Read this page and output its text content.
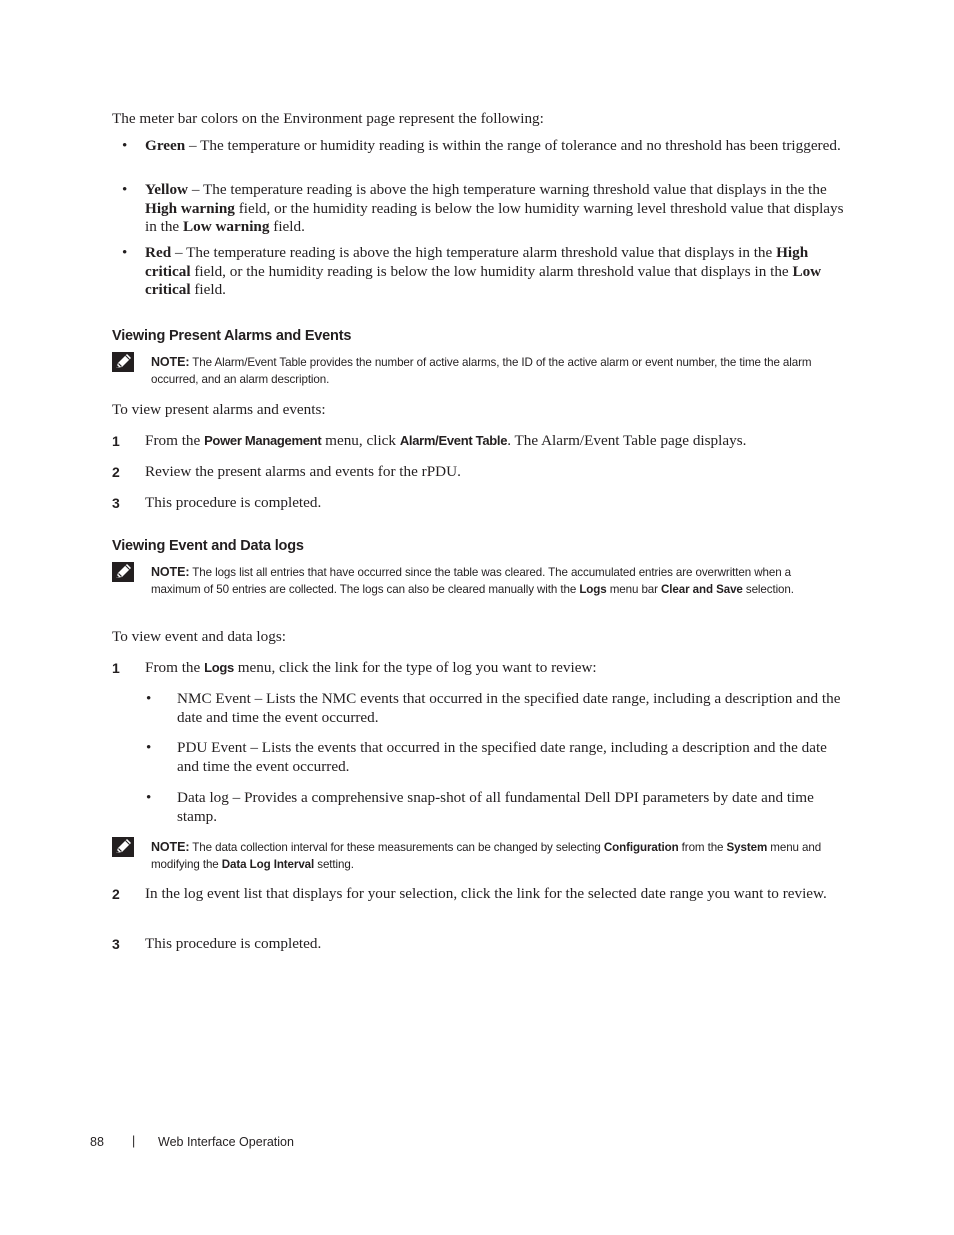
The meter bar colors on the Environment page represent the following:

• Green – The temperature or humidity reading is within the range of tolerance and no threshold has been triggered.

• Yellow – The temperature reading is above the high temperature warning threshold value that displays in the the High warning field, or the humidity reading is below the low humidity warning level threshold value that displays in the Low warning field.

• Red – The temperature reading is above the high temperature alarm threshold value that displays in the High critical field, or the humidity reading is below the low humidity alarm threshold value that displays in the Low critical field.

Viewing Present Alarms and Events

NOTE: The Alarm/Event Table provides the number of active alarms, the ID of the active alarm or event number, the time the alarm occurred, and an alarm description.

To view present alarms and events:

1 From the Power Management menu, click Alarm/Event Table. The Alarm/Event Table page displays.

2 Review the present alarms and events for the rPDU.

3 This procedure is completed.

Viewing Event and Data logs

NOTE: The logs list all entries that have occurred since the table was cleared. The accumulated entries are overwritten when a maximum of 50 entries are collected. The logs can also be cleared manually with the Logs menu bar Clear and Save selection.

To view event and data logs:

1 From the Logs menu, click the link for the type of log you want to review:

• NMC Event – Lists the NMC events that occurred in the specified date range, including a description and the date and time the event occurred.

• PDU Event – Lists the events that occurred in the specified date range, including a description and the date and time the event occurred.

• Data log – Provides a comprehensive snap-shot of all fundamental Dell DPI parameters by date and time stamp.

NOTE: The data collection interval for these measurements can be changed by selecting Configuration from the System menu and modifying the Data Log Interval setting.

2 In the log event list that displays for your selection, click the link for the selected date range you want to review.

3 This procedure is completed.

88 | Web Interface Operation
